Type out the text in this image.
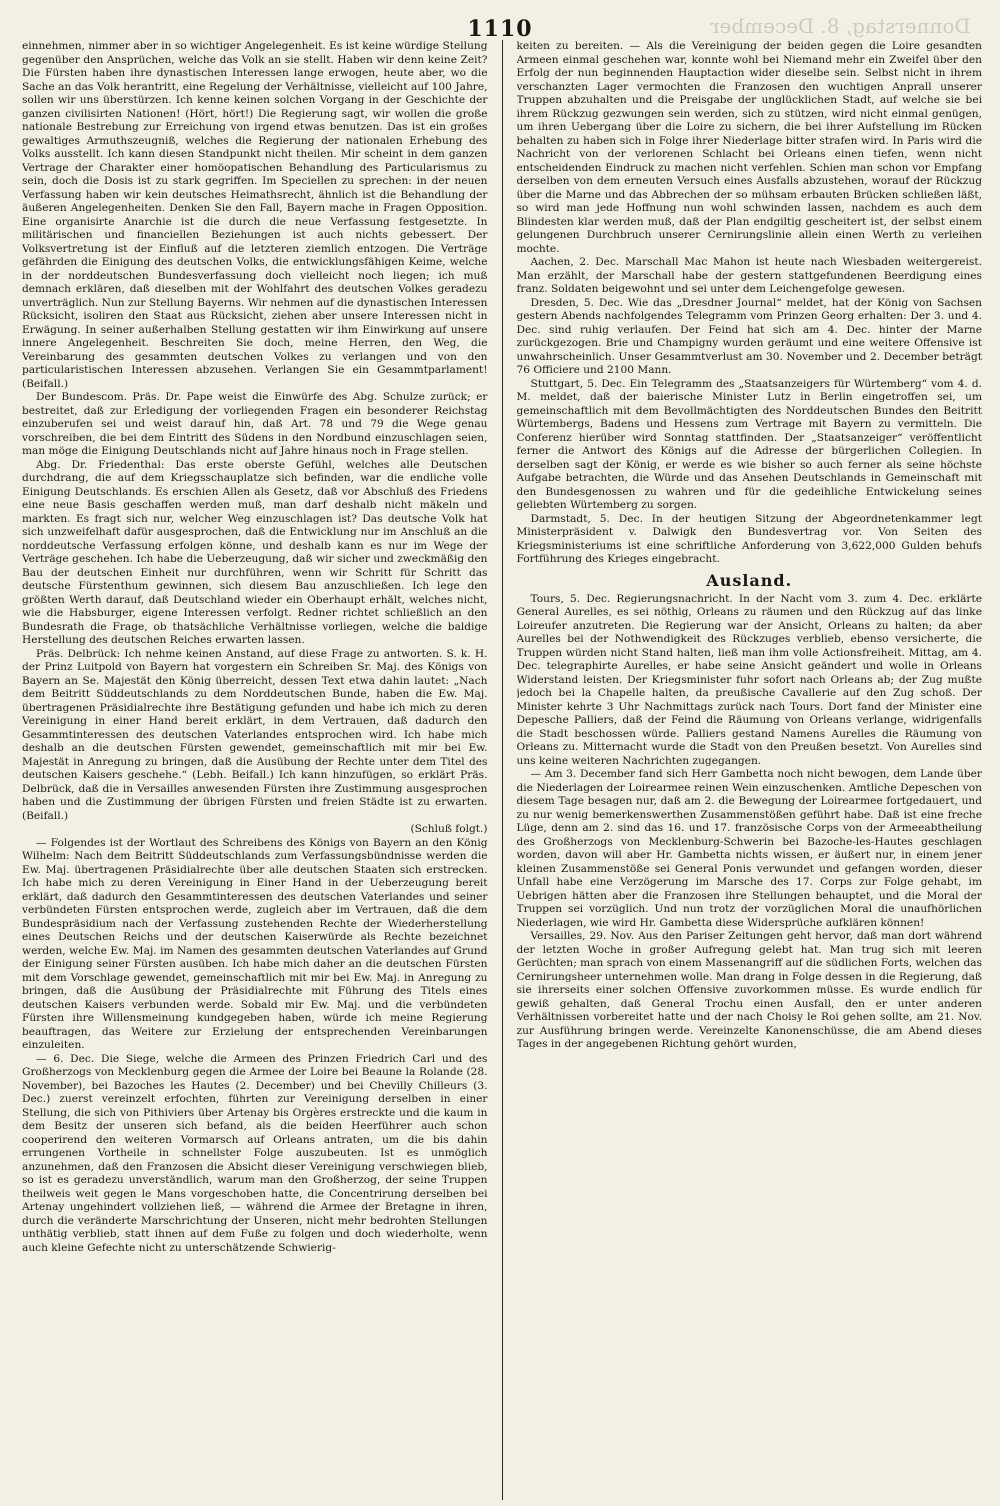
Donnerstag, 8. December
1110

einnehmen, nimmer aber in so wichtiger Angelegenheit. Es ist keine würdige Stellung gegenüber den Ansprüchen, welche das Volk an sie stellt. Haben wir denn keine Zeit? Die Fürsten haben ihre dynastischen Interessen lange erwogen, heute aber, wo die Sache an das Volk herantritt, eine Regelung der Verhältnisse, vielleicht auf 100 Jahre, sollen wir uns überstürzen. Ich kenne keinen solchen Vorgang in der Geschichte der ganzen civilisirten Nationen! (Hört, hört!) Die Regierung sagt, wir wollen die große nationale Bestrebung zur Erreichung von irgend etwas benutzen. Das ist ein großes gewaltiges Armuthszeugniß, welches die Regierung der nationalen Erhebung des Volks ausstellt. Ich kann diesen Standpunkt nicht theilen. Mir scheint in dem ganzen Vertrage der Charakter einer homöopatischen Behandlung des Particularismus zu sein, doch die Dosis ist zu stark gegriffen. Im Speciellen zu sprechen: in der neuen Verfassung haben wir kein deutsches Heimathsrecht, ähnlich ist die Behandlung der äußeren Angelegenheiten. Denken Sie den Fall, Bayern mache in Fragen Opposition. Eine organisirte Anarchie ist die durch die neue Verfassung festgesetzte. In militärischen und financiellen Beziehungen ist auch nichts gebessert. Der Volksvertretung ist der Einfluß auf die letzteren ziemlich entzogen. Die Verträge gefährden die Einigung des deutschen Volks, die entwicklungsfähigen Keime, welche in der norddeutschen Bundesverfassung doch vielleicht noch liegen; ich muß demnach erklären, daß dieselben mit der Wohlfahrt des deutschen Volkes geradezu unverträglich. Nun zur Stellung Bayerns. Wir nehmen auf die dynastischen Interessen Rücksicht, isoliren den Staat aus Rücksicht, ziehen aber unsere Interessen nicht in Erwägung. In seiner außerhalben Stellung gestatten wir ihm Einwirkung auf unsere innere Angelegenheit. Beschreiten Sie doch, meine Herren, den Weg, die Vereinbarung des gesammten deutschen Volkes zu verlangen und von den particularistischen Interessen abzusehen. Verlangen Sie ein Gesammtparlament! (Beifall.)

Der Bundescom. Präs. Dr. Pape weist die Einwürfe des Abg. Schulze zurück; er bestreitet, daß zur Erledigung der vorliegenden Fragen ein besonderer Reichstag einzuberufen sei und weist darauf hin, daß Art. 78 und 79 die Wege genau vorschreiben, die bei dem Eintritt des Südens in den Nordbund einzuschlagen seien, man möge die Einigung Deutschlands nicht auf Jahre hinaus noch in Frage stellen.

Abg. Dr. Friedenthal: Das erste oberste Gefühl, welches alle Deutschen durchdrang, die auf dem Kriegsschauplatze sich befinden, war die endliche volle Einigung Deutschlands. Es erschien Allen als Gesetz, daß vor Abschluß des Friedens eine neue Basis geschaffen werden muß, man darf deshalb nicht mäkeln und markten. Es fragt sich nur, welcher Weg einzuschlagen ist? Das deutsche Volk hat sich unzweifelhaft dafür ausgesprochen, daß die Entwicklung nur im Anschluß an die norddeutsche Verfassung erfolgen könne, und deshalb kann es nur im Wege der Verträge geschehen. Ich habe die Ueberzeugung, daß wir sicher und zweckmäßig den Bau der deutschen Einheit nur durchführen, wenn wir Schritt für Schritt das deutsche Fürstenthum gewinnen, sich diesem Bau anzuschließen. Ich lege den größten Werth darauf, daß Deutschland wieder ein Oberhaupt erhält, welches nicht, wie die Habsburger, eigene Interessen verfolgt. Redner richtet schließlich an den Bundesrath die Frage, ob thatsächliche Verhältnisse vorliegen, welche die baldige Herstellung des deutschen Reiches erwarten lassen.

Präs. Delbrück: Ich nehme keinen Anstand, auf diese Frage zu antworten. S. k. H. der Prinz Luitpold von Bayern hat vorgestern ein Schreiben Sr. Maj. des Königs von Bayern an Se. Majestät den König überreicht, dessen Text etwa dahin lautet: „Nach dem Beitritt Süddeutschlands zu dem Norddeutschen Bunde, haben die Ew. Maj. übertragenen Präsidialrechte ihre Bestätigung gefunden und habe ich mich zu deren Vereinigung in einer Hand bereit erklärt, in dem Vertrauen, daß dadurch den Gesammtinteressen des deutschen Vaterlandes entsprochen wird. Ich habe mich deshalb an die deutschen Fürsten gewendet, gemeinschaftlich mit mir bei Ew. Majestät in Anregung zu bringen, daß die Ausübung der Rechte unter dem Titel des deutschen Kaisers geschehe.“ (Lebh. Beifall.) Ich kann hinzufügen, so erklärt Präs. Delbrück, daß die in Versailles anwesenden Fürsten ihre Zustimmung ausgesprochen haben und die Zustimmung der übrigen Fürsten und freien Städte ist zu erwarten. (Beifall.)

(Schluß folgt.)

— Folgendes ist der Wortlaut des Schreibens des Königs von Bayern an den König Wilhelm: Nach dem Beitritt Süddeutschlands zum Verfassungsbündnisse werden die Ew. Maj. übertragenen Präsidialrechte über alle deutschen Staaten sich erstrecken. Ich habe mich zu deren Vereinigung in Einer Hand in der Ueberzeugung bereit erklärt, daß dadurch den Gesammtinteressen des deutschen Vaterlandes und seiner verbündeten Fürsten entsprochen werde, zugleich aber im Vertrauen, daß die dem Bundespräsidium nach der Verfassung zustehenden Rechte der Wiederherstellung eines Deutschen Reichs und der deutschen Kaiserwürde als Rechte bezeichnet werden, welche Ew. Maj. im Namen des gesammten deutschen Vaterlandes auf Grund der Einigung seiner Fürsten ausüben. Ich habe mich daher an die deutschen Fürsten mit dem Vorschlage gewendet, gemeinschaftlich mit mir bei Ew. Maj. in Anregung zu bringen, daß die Ausübung der Präsidialrechte mit Führung des Titels eines deutschen Kaisers verbunden werde. Sobald mir Ew. Maj. und die verbündeten Fürsten ihre Willensmeinung kundgegeben haben, würde ich meine Regierung beauftragen, das Weitere zur Erzielung der entsprechenden Vereinbarungen einzuleiten.

— 6. Dec. Die Siege, welche die Armeen des Prinzen Friedrich Carl und des Großherzogs von Mecklenburg gegen die Armee der Loire bei Beaune la Rolande (28. November), bei Bazoches les Hautes (2. December) und bei Chevilly Chilleurs (3. Dec.) zuerst vereinzelt erfochten, führten zur Vereinigung derselben in einer Stellung, die sich von Pithiviers über Artenay bis Orgères erstreckte und die kaum in dem Besitz der unseren sich befand, als die beiden Heerführer auch schon cooperirend den weiteren Vormarsch auf Orleans antraten, um die bis dahin errungenen Vortheile in schnellster Folge auszubeuten. Ist es unmöglich anzunehmen, daß den Franzosen die Absicht dieser Vereinigung verschwiegen blieb, so ist es geradezu unverständlich, warum man den Großherzog, der seine Truppen theilweis weit gegen le Mans vorgeschoben hatte, die Concentrirung derselben bei Artenay ungehindert vollziehen ließ, — während die Armee der Bretagne in ihren, durch die veränderte Marschrichtung der Unseren, nicht mehr bedrohten Stellungen unthätig verblieb, statt ihnen auf dem Fuße zu folgen und doch wiederholte, wenn auch kleine Gefechte nicht zu unterschätzende Schwierig-

keiten zu bereiten. — Als die Vereinigung der beiden gegen die Loire gesandten Armeen einmal geschehen war, konnte wohl bei Niemand mehr ein Zweifel über den Erfolg der nun beginnenden Hauptaction wider dieselbe sein. Selbst nicht in ihrem verschanzten Lager vermochten die Franzosen den wuchtigen Anprall unserer Truppen abzuhalten und die Preisgabe der unglücklichen Stadt, auf welche sie bei ihrem Rückzug gezwungen sein werden, sich zu stützen, wird nicht einmal genügen, um ihren Uebergang über die Loire zu sichern, die bei ihrer Aufstellung im Rücken behalten zu haben sich in Folge ihrer Niederlage bitter strafen wird. In Paris wird die Nachricht von der verlorenen Schlacht bei Orleans einen tiefen, wenn nicht entscheidenden Eindruck zu machen nicht verfehlen. Schien man schon vor Empfang derselben von dem erneuten Versuch eines Ausfalls abzustehen, worauf der Rückzug über die Marne und das Abbrechen der so mühsam erbauten Brücken schließen läßt, so wird man jede Hoffnung nun wohl schwinden lassen, nachdem es auch dem Blindesten klar werden muß, daß der Plan endgiltig gescheitert ist, der selbst einem gelungenen Durchbruch unserer Cernirungslinie allein einen Werth zu verleihen mochte.

Aachen, 2. Dec. Marschall Mac Mahon ist heute nach Wiesbaden weitergereist. Man erzählt, der Marschall habe der gestern stattgefundenen Beerdigung eines franz. Soldaten beigewohnt und sei unter dem Leichengefolge gewesen.

Dresden, 5. Dec. Wie das „Dresdner Journal“ meldet, hat der König von Sachsen gestern Abends nachfolgendes Telegramm vom Prinzen Georg erhalten: Der 3. und 4. Dec. sind ruhig verlaufen. Der Feind hat sich am 4. Dec. hinter der Marne zurückgezogen. Brie und Champigny wurden geräumt und eine weitere Offensive ist unwahrscheinlich. Unser Gesammtverlust am 30. November und 2. December beträgt 76 Officiere und 2100 Mann.

Stuttgart, 5. Dec. Ein Telegramm des „Staatsanzeigers für Würtemberg“ vom 4. d. M. meldet, daß der baierische Minister Lutz in Berlin eingetroffen sei, um gemeinschaftlich mit dem Bevollmächtigten des Norddeutschen Bundes den Beitritt Würtembergs, Badens und Hessens zum Vertrage mit Bayern zu vermitteln. Die Conferenz hierüber wird Sonntag stattfinden. Der „Staatsanzeiger“ veröffentlicht ferner die Antwort des Königs auf die Adresse der bürgerlichen Collegien. In derselben sagt der König, er werde es wie bisher so auch ferner als seine höchste Aufgabe betrachten, die Würde und das Ansehen Deutschlands in Gemeinschaft mit den Bundesgenossen zu wahren und für die gedeihliche Entwickelung seines geliebten Würtemberg zu sorgen.

Darmstadt, 5. Dec. In der heutigen Sitzung der Abgeordnetenkammer legt Ministerpräsident v. Dalwigk den Bundesvertrag vor. Von Seiten des Kriegsministeriums ist eine schriftliche Anforderung von 3,622,000 Gulden behufs Fortführung des Krieges eingebracht.

Ausland.

Tours, 5. Dec. Regierungsnachricht. In der Nacht vom 3. zum 4. Dec. erklärte General Aurelles, es sei nöthig, Orleans zu räumen und den Rückzug auf das linke Loireufer anzutreten. Die Regierung war der Ansicht, Orleans zu halten; da aber Aurelles bei der Nothwendigkeit des Rückzuges verblieb, ebenso versicherte, die Truppen würden nicht Stand halten, ließ man ihm volle Actionsfreiheit. Mittag, am 4. Dec. telegraphirte Aurelles, er habe seine Ansicht geändert und wolle in Orleans Widerstand leisten. Der Kriegsminister fuhr sofort nach Orleans ab; der Zug mußte jedoch bei la Chapelle halten, da preußische Cavallerie auf den Zug schoß. Der Minister kehrte 3 Uhr Nachmittags zurück nach Tours. Dort fand der Minister eine Depesche Palliers, daß der Feind die Räumung von Orleans verlange, widrigenfalls die Stadt beschossen würde. Palliers gestand Namens Aurelles die Räumung von Orleans zu. Mitternacht wurde die Stadt von den Preußen besetzt. Von Aurelles sind uns keine weiteren Nachrichten zugegangen.

— Am 3. December fand sich Herr Gambetta noch nicht bewogen, dem Lande über die Niederlagen der Loirearmee reinen Wein einzuschenken. Amtliche Depeschen von diesem Tage besagen nur, daß am 2. die Bewegung der Loirearmee fortgedauert, und zu nur wenig bemerkenswerthen Zusammenstößen geführt habe. Daß ist eine freche Lüge, denn am 2. sind das 16. und 17. französische Corps von der Armeeabtheilung des Großherzogs von Mecklenburg-Schwerin bei Bazoche-les-Hautes geschlagen worden, davon will aber Hr. Gambetta nichts wissen, er äußert nur, in einem jener kleinen Zusammenstöße sei General Ponis verwundet und gefangen worden, dieser Unfall habe eine Verzögerung im Marsche des 17. Corps zur Folge gehabt, im Uebrigen hätten aber die Franzosen ihre Stellungen behauptet, und die Moral der Truppen sei vorzüglich. Und nun trotz der vorzüglichen Moral die unaufhörlichen Niederlagen, wie wird Hr. Gambetta diese Widersprüche aufklären können!

Versailles, 29. Nov. Aus den Pariser Zeitungen geht hervor, daß man dort während der letzten Woche in großer Aufregung gelebt hat. Man trug sich mit leeren Gerüchten; man sprach von einem Massenangriff auf die südlichen Forts, welchen das Cernirungsheer unternehmen wolle. Man drang in Folge dessen in die Regierung, daß sie ihrerseits einer solchen Offensive zuvorkommen müsse. Es wurde endlich für gewiß gehalten, daß General Trochu einen Ausfall, den er unter anderen Verhältnissen vorbereitet hatte und der nach Choisy le Roi gehen sollte, am 21. Nov. zur Ausführung bringen werde. Vereinzelte Kanonenschüsse, die am Abend dieses Tages in der angegebenen Richtung gehört wurden,
